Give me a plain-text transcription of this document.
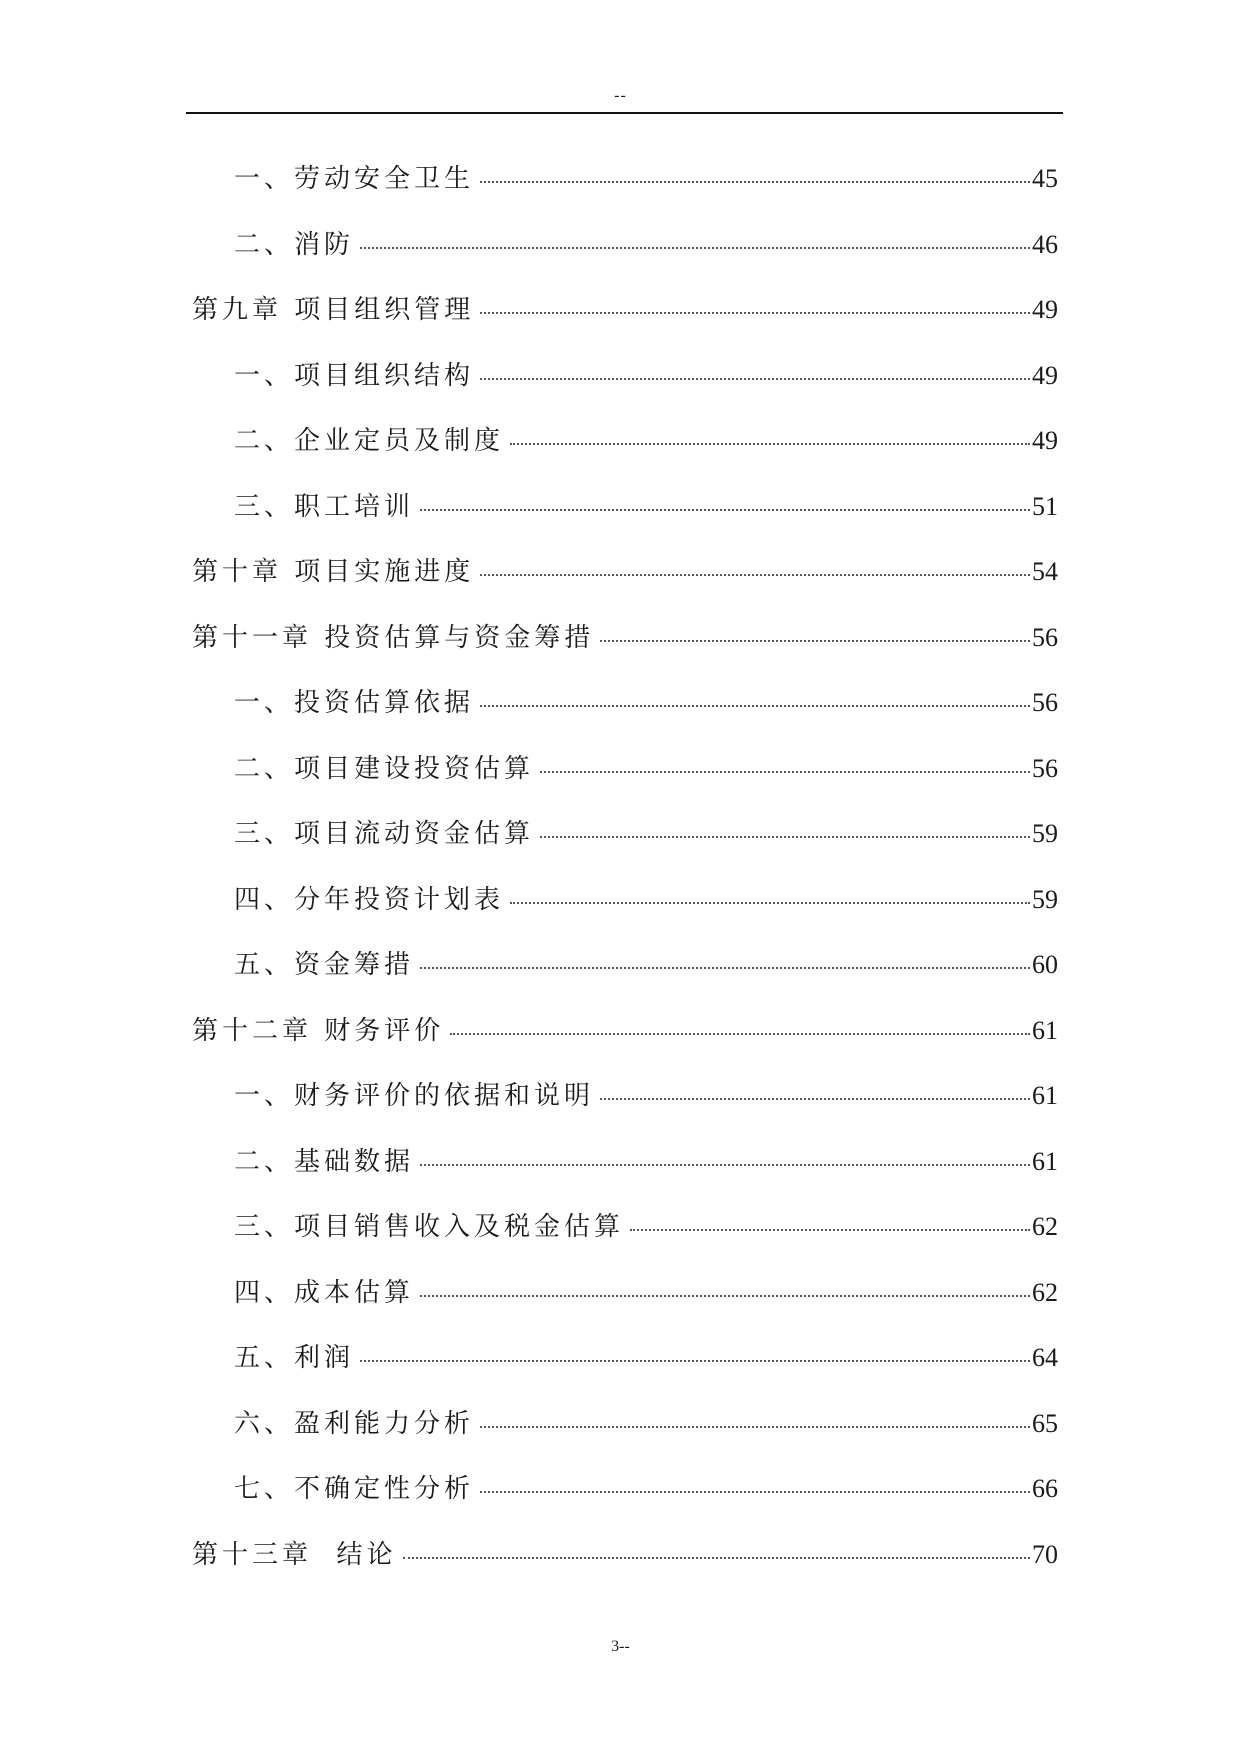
--
一、劳动安全卫生	45
二、消防	46
第九章 项目组织管理	49
一、项目组织结构	49
二、企业定员及制度	49
三、职工培训	51
第十章 项目实施进度	54
第十一章 投资估算与资金筹措	56
一、投资估算依据	56
二、项目建设投资估算	56
三、项目流动资金估算	59
四、分年投资计划表	59
五、资金筹措	60
第十二章 财务评价	61
一、财务评价的依据和说明	61
二、基础数据	61
三、项目销售收入及税金估算	62
四、成本估算	62
五、利润	64
六、盈利能力分析	65
七、不确定性分析	66
第十三章  结论	70
3--
